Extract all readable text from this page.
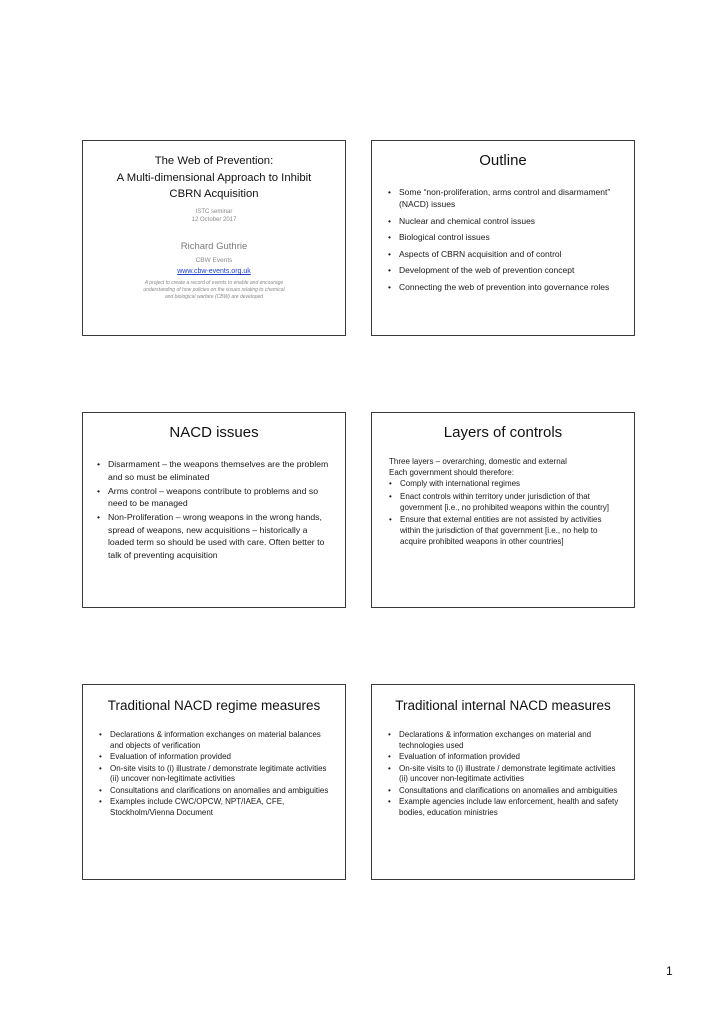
The Web of Prevention:
A Multi-dimensional Approach to Inhibit
CBRN Acquisition
ISTC seminar
12 October 2017
Richard Guthrie
CBW Events
www.cbw-events.org.uk
A project to create a record of events to enable and encourage
understanding of how policies on the issues relating to chemical
and biological warfare (CBW) are developed
Outline
• Some “non-proliferation, arms control and disarmament” (NACD) issues
• Nuclear and chemical control issues
• Biological control issues
• Aspects of CBRN acquisition and of control
• Development of the web of prevention concept
• Connecting the web of prevention into governance roles
NACD issues
• Disarmament – the weapons themselves are the problem and so must be eliminated
• Arms control – weapons contribute to problems and so need to be managed
• Non-Proliferation – wrong weapons in the wrong hands, spread of weapons, new acquisitions – historically a loaded term so should be used with care. Often better to talk of preventing acquisition
Layers of controls
Three layers – overarching, domestic and external
Each government should therefore:
• Comply with international regimes
• Enact controls within territory under jurisdiction of that government [i.e., no prohibited weapons within the country]
• Ensure that external entities are not assisted by activities within the jurisdiction of that government [i.e., no help to acquire prohibited weapons in other countries]
Traditional NACD regime measures
• Declarations & information exchanges on material balances and objects of verification
• Evaluation of information provided
• On-site visits to (i) illustrate / demonstrate legitimate activities (ii) uncover non-legitimate activities
• Consultations and clarifications on anomalies and ambiguities
• Examples include CWC/OPCW, NPT/IAEA, CFE, Stockholm/Vienna Document
Traditional internal NACD measures
• Declarations & information exchanges on material and technologies used
• Evaluation of information provided
• On-site visits to (i) illustrate / demonstrate legitimate activities (ii) uncover non-legitimate activities
• Consultations and clarifications on anomalies and ambiguities
• Example agencies include law enforcement, health and safety bodies, education ministries
1
